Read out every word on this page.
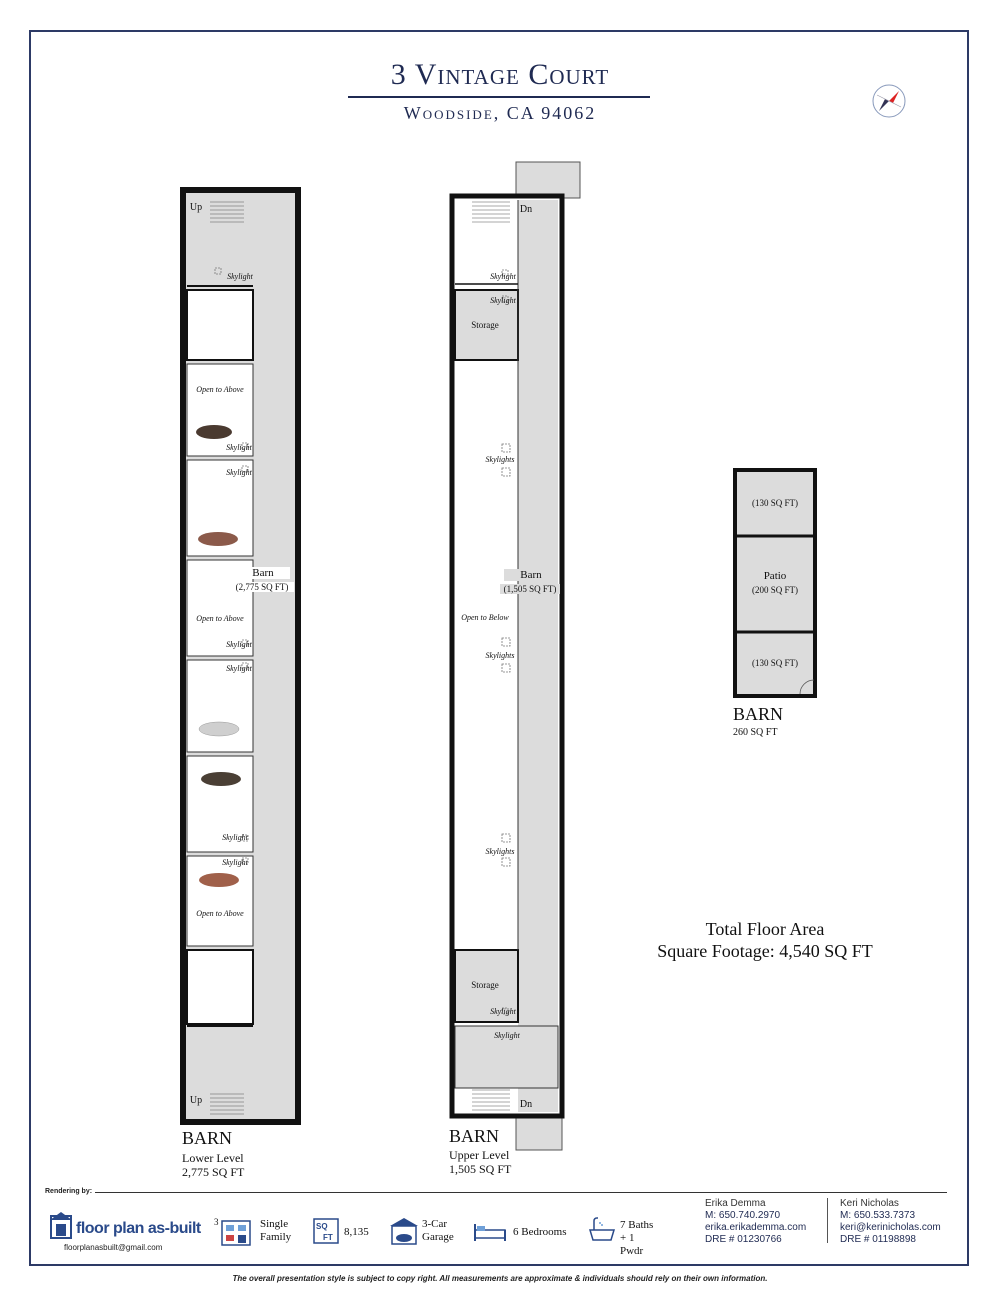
3 Vintage Court
Woodside, CA 94062
Up
Skylight
Open to Above
Skylight
Skylight
Barn
(2,775 SQ FT)
Open to Above
Skylight
Skylight
Skylight
Skylight
Open to Above
Up
BARN
Lower Level
2,775 SQ FT
Dn
Skylight
Skylight
Storage
Skylights
Barn
(1,505 SQ FT)
Open to Below
Skylights
Skylights
Storage
Skylight
Skylight
Dn
BARN
Upper Level
1,505 SQ FT
(130 SQ FT)
Patio
(200 SQ FT)
(130 SQ FT)
BARN
260 SQ FT
Total Floor Area
Square Footage: 4,540 SQ FT
Rendering by:
floor plan as-built
floorplanasbuilt@gmail.com
3	Single Family
SQ
FT 8,135
3-Car Garage	6 Bedrooms
7 Baths + 1 Pwdr
Erika Demma
M: 650.740.2970
erika.erikademma.com
DRE # 01230766
Keri Nicholas
M: 650.533.7373
keri@kerinicholas.com
DRE # 01198898
The overall presentation style is subject to copy right. All measurements are approximate & individuals should rely on their own information.
